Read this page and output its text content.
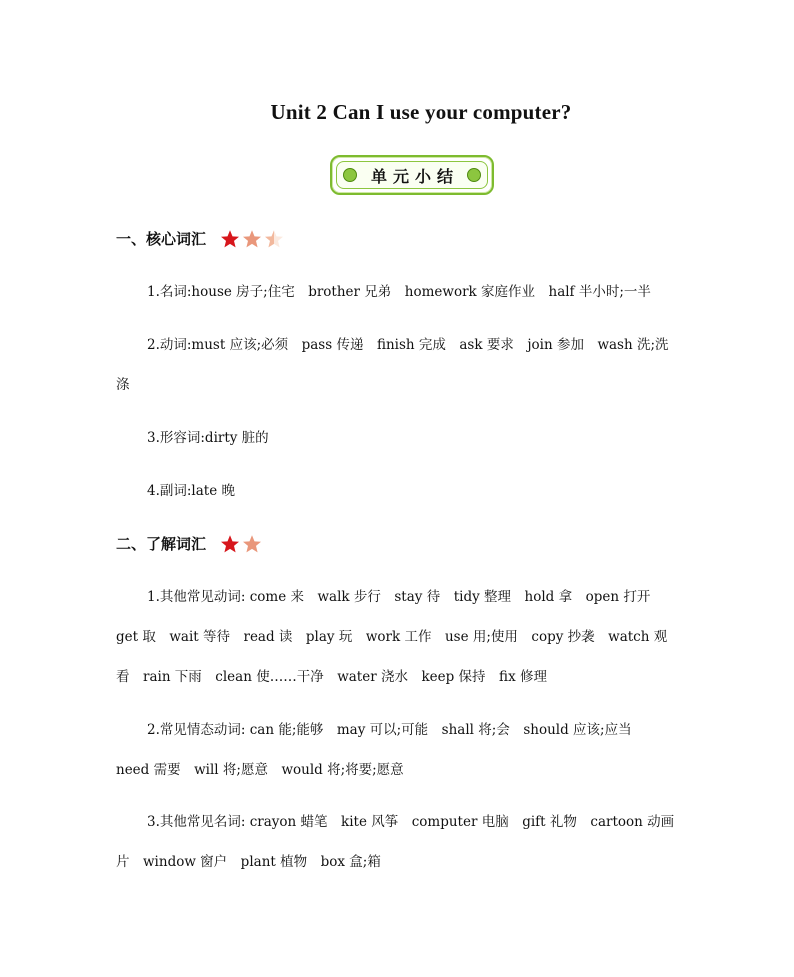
Unit 2 Can I use your computer?
单元小结
一、核心词汇

1.名词:house 房子;住宅　brother 兄弟　homework 家庭作业　half 半小时;一半

2.动词:must 应该;必须　pass 传递　finish 完成　ask 要求　join 参加　wash 洗;洗涤

3.形容词:dirty 脏的

4.副词:late 晚

二、了解词汇

1.其他常见动词: come 来　walk 步行　stay 待　tidy 整理　hold 拿　open 打开　get 取　wait 等待　read 读　play 玩　work 工作　use 用;使用　copy 抄袭　watch 观看　rain 下雨　clean 使……干净　water 浇水　keep 保持　fix 修理

2.常见情态动词: can 能;能够　may 可以;可能　shall 将;会　should 应该;应当　need 需要　will 将;愿意　would 将;将要;愿意

3.其他常见名词: crayon 蜡笔　kite 风筝　computer 电脑　gift 礼物　cartoon 动画片　window 窗户　plant 植物　box 盒;箱
